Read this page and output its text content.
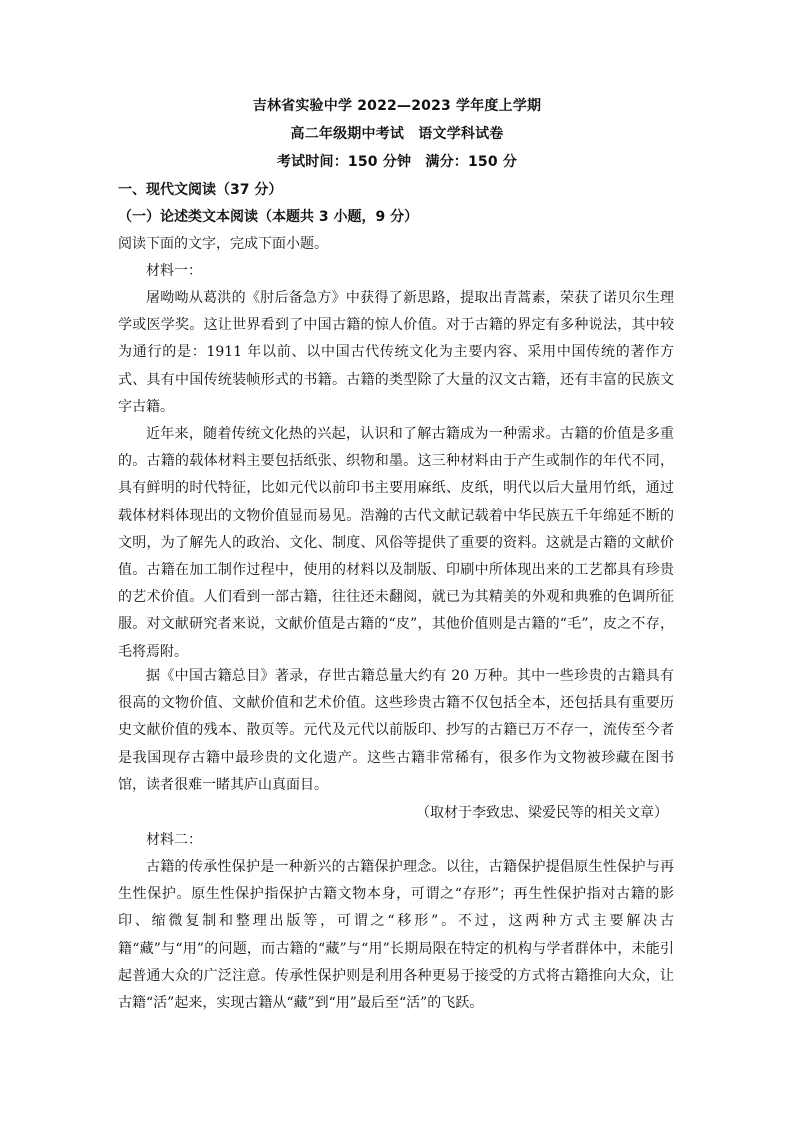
吉林省实验中学 2022—2023 学年度上学期
高二年级期中考试　语文学科试卷
考试时间：150 分钟　满分：150 分
一、现代文阅读（37 分）
（一）论述类文本阅读（本题共 3 小题，9 分）
阅读下面的文字，完成下面小题。
材料一：
屠呦呦从葛洪的《肘后备急方》中获得了新思路，提取出青蒿素，荣获了诺贝尔生理学或医学奖。这让世界看到了中国古籍的惊人价值。对于古籍的界定有多种说法，其中较为通行的是：1911 年以前、以中国古代传统文化为主要内容、采用中国传统的著作方式、具有中国传统装帧形式的书籍。古籍的类型除了大量的汉文古籍，还有丰富的民族文字古籍。
近年来，随着传统文化热的兴起，认识和了解古籍成为一种需求。古籍的价值是多重的。古籍的载体材料主要包括纸张、织物和墨。这三种材料由于产生或制作的年代不同，具有鲜明的时代特征，比如元代以前印书主要用麻纸、皮纸，明代以后大量用竹纸，通过载体材料体现出的文物价值显而易见。浩瀚的古代文献记载着中华民族五千年绵延不断的文明，为了解先人的政治、文化、制度、风俗等提供了重要的资料。这就是古籍的文献价值。古籍在加工制作过程中，使用的材料以及制版、印刷中所体现出来的工艺都具有珍贵的艺术价值。人们看到一部古籍，往往还未翻阅，就已为其精美的外观和典雅的色调所征服。对文献研究者来说，文献价值是古籍的“皮”，其他价值则是古籍的“毛”，皮之不存，毛将焉附。
据《中国古籍总目》著录，存世古籍总量大约有 20 万种。其中一些珍贵的古籍具有很高的文物价值、文献价值和艺术价值。这些珍贵古籍不仅包括全本，还包括具有重要历史文献价值的残本、散页等。元代及元代以前版印、抄写的古籍已万不存一，流传至今者是我国现存古籍中最珍贵的文化遗产。这些古籍非常稀有，很多作为文物被珍藏在图书馆，读者很难一睹其庐山真面目。
（取材于李致忠、梁爱民等的相关文章）
材料二：
古籍的传承性保护是一种新兴的古籍保护理念。以往，古籍保护提倡原生性保护与再生性保护。原生性保护指保护古籍文物本身，可谓之“存形”；再生性保护指对古籍的影印、缩微复制和整理出版等，可谓之“移形”。不过，这两种方式主要解决古籍“藏”与“用”的问题，而古籍的“藏”与“用”长期局限在特定的机构与学者群体中，未能引起普通大众的广泛注意。传承性保护则是利用各种更易于接受的方式将古籍推向大众，让古籍“活”起来，实现古籍从“藏”到“用”最后至“活”的飞跃。
